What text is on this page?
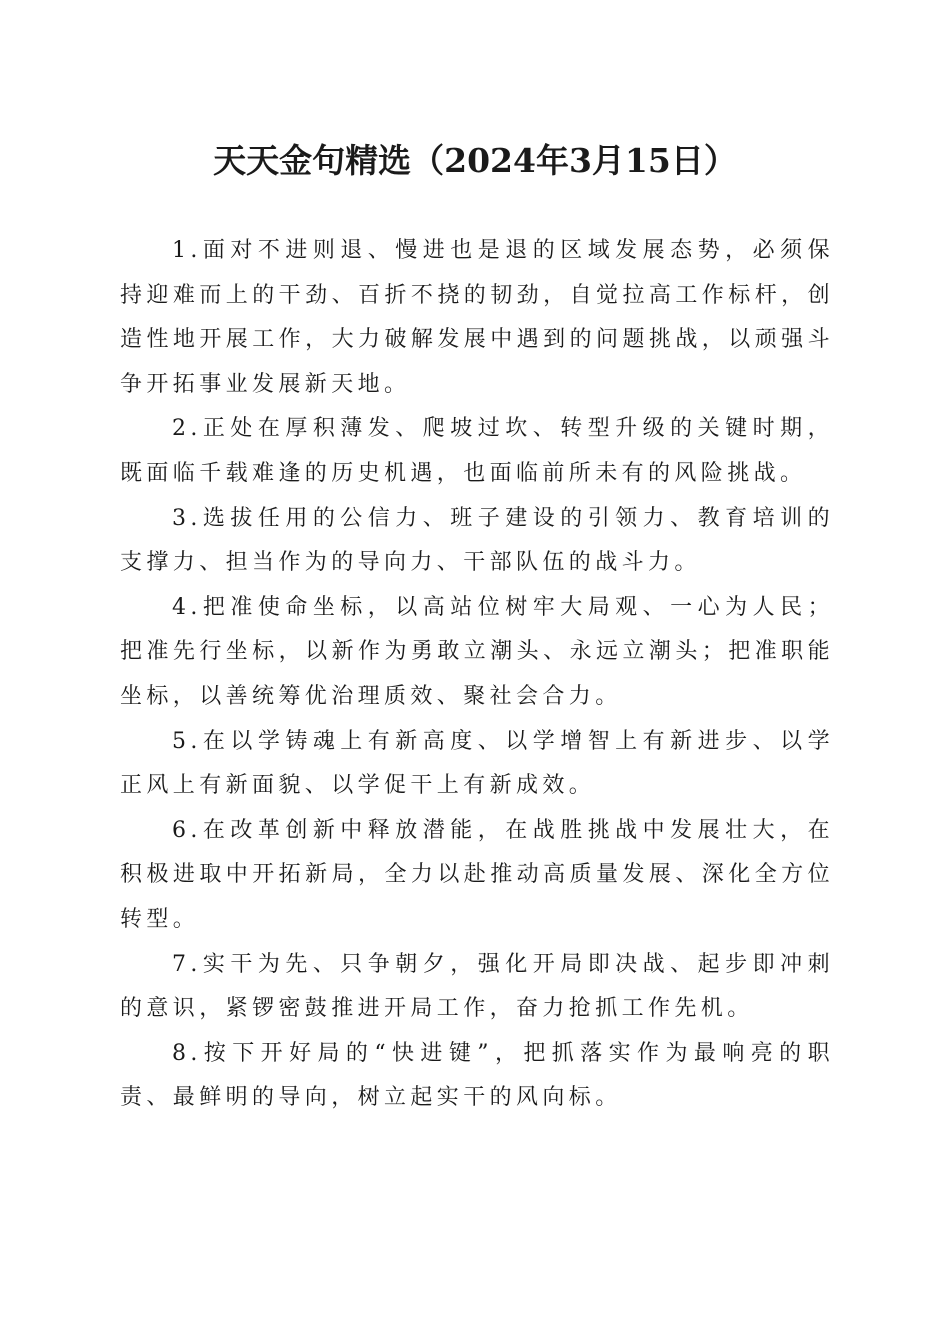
天天金句精选（2024年3月15日）

1.面对不进则退、慢进也是退的区域发展态势，必须保持迎难而上的干劲、百折不挠的韧劲，自觉拉高工作标杆，创造性地开展工作，大力破解发展中遇到的问题挑战，以顽强斗争开拓事业发展新天地。

2.正处在厚积薄发、爬坡过坎、转型升级的关键时期，既面临千载难逢的历史机遇，也面临前所未有的风险挑战。

3.选拔任用的公信力、班子建设的引领力、教育培训的支撑力、担当作为的导向力、干部队伍的战斗力。

4.把准使命坐标，以高站位树牢大局观、一心为人民；把准先行坐标，以新作为勇敢立潮头、永远立潮头；把准职能坐标，以善统筹优治理质效、聚社会合力。

5.在以学铸魂上有新高度、以学增智上有新进步、以学正风上有新面貌、以学促干上有新成效。

6.在改革创新中释放潜能，在战胜挑战中发展壮大，在积极进取中开拓新局，全力以赴推动高质量发展、深化全方位转型。

7.实干为先、只争朝夕，强化开局即决战、起步即冲刺的意识，紧锣密鼓推进开局工作，奋力抢抓工作先机。

8.按下开好局的“快进键”，把抓落实作为最响亮的职责、最鲜明的导向，树立起实干的风向标。
